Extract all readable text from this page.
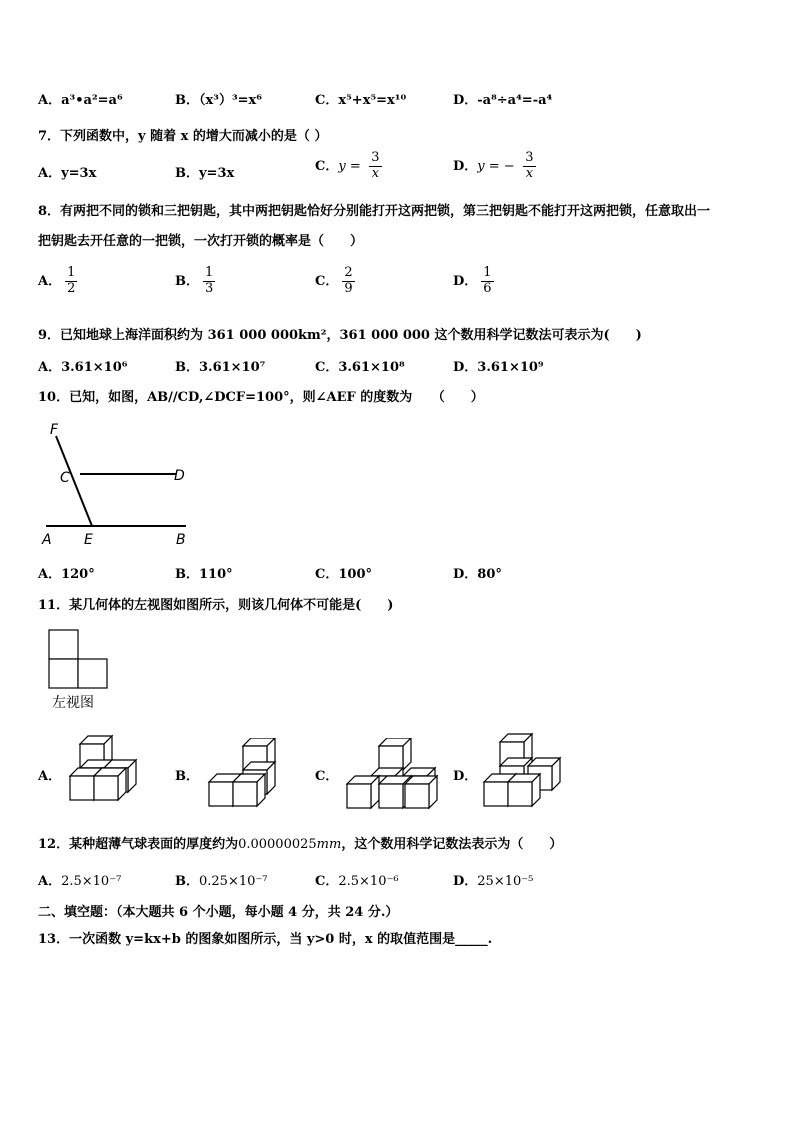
A．a³•a²=a⁶	B．（x³）³=x⁶	C．x⁵+x⁵=x¹⁰	D．-a⁸÷a⁴=-a⁴
7．下列函数中，y 随着 x 的增大而减小的是（ ）
A．y=3x	B．y=3x	C．$y = \frac{3}{x}$	D．y = − $\frac{3}{x}$
8．有两把不同的锁和三把钥匙，其中两把钥匙恰好分别能打开这两把锁，第三把钥匙不能打开这两把锁，任意取出一
把钥匙去开任意的一把锁，一次打开锁的概率是（　　）
A． $\frac{1}{2}$	B． $\frac{1}{3}$	C． $\frac{2}{9}$	D． $\frac{1}{6}$
9．已知地球上海洋面积约为 361 000 000km²，361 000 000 这个数用科学记数法可表示为(　　)
A．3.61×10⁶	B．3.61×10⁷	C．3.61×10⁸	D．3.61×10⁹
10．已知，如图，AB//CD,∠DCF=100°，则∠AEF 的度数为　　（　　）
F
C	D
A E	B
A．120°	B．110°	C．100°	D．80°
11．某几何体的左视图如图所示，则该几何体不可能是(　　)
左视图
A．	B．	C．	D．
12．某种超薄气球表面的厚度约为0.00000025mm，这个数用科学记数法表示为（　　）
A．2.5×10⁻⁷	B．0.25×10⁻⁷	C．2.5×10⁻⁶	D．25×10⁻⁵
二、填空题：（本大题共 6 个小题，每小题 4 分，共 24 分.）
13．一次函数 y=kx+b 的图象如图所示，当 y>0 时，x 的取值范围是_____.
